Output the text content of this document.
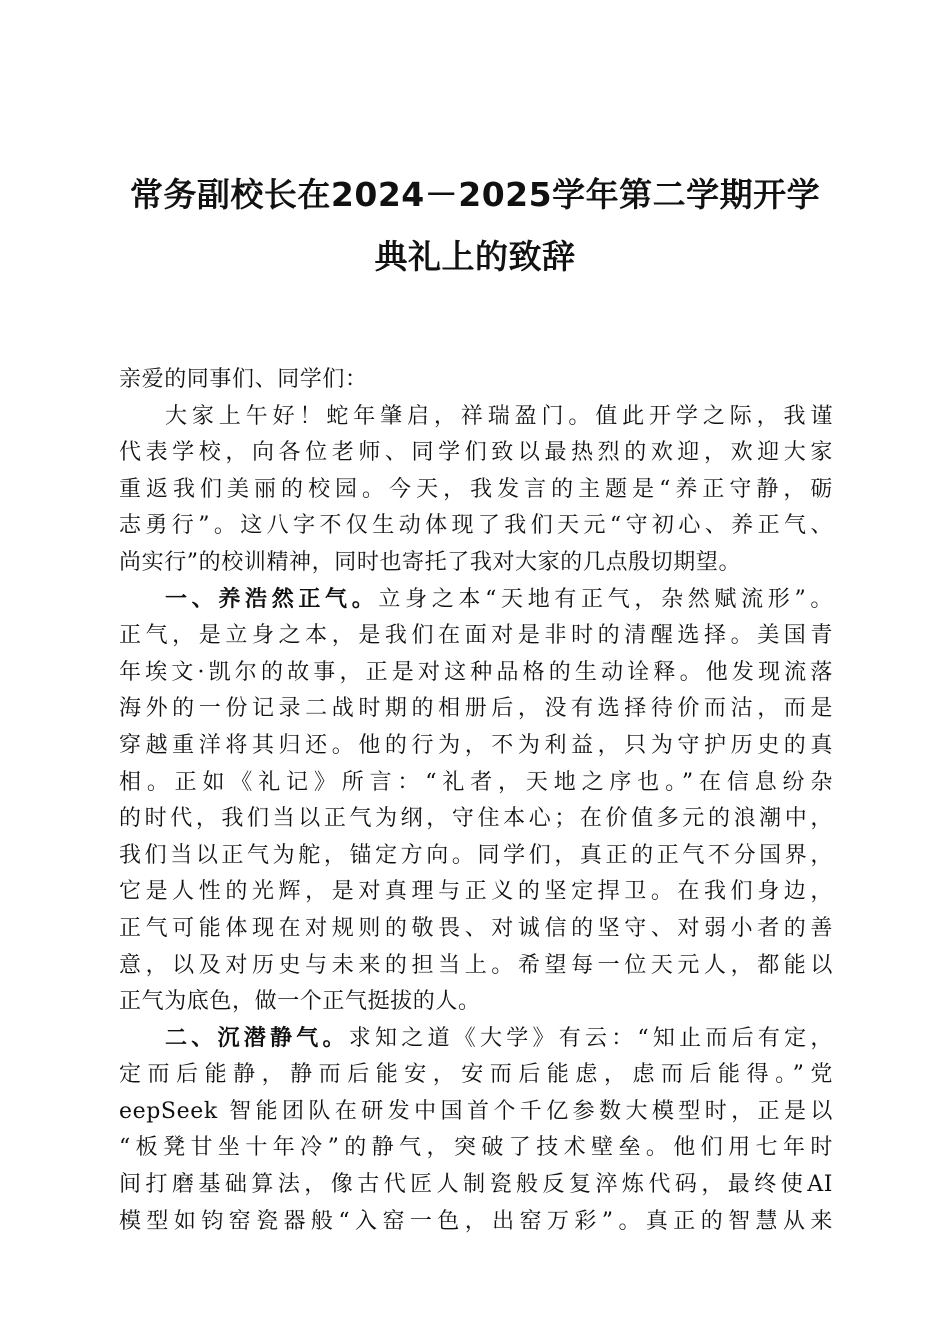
常务副校长在2024－2025学年第二学期开学
典礼上的致辞
亲爱的同事们、同学们：
大家上午好！蛇年肇启，祥瑞盈门。值此开学之际，我谨
代表学校，向各位老师、同学们致以最热烈的欢迎，欢迎大家
重返我们美丽的校园。今天，我发言的主题是“养正守静，砺
志勇行”。这八字不仅生动体现了我们天元“守初心、养正气、
尚实行”的校训精神，同时也寄托了我对大家的几点殷切期望。
一、养浩然正气。立身之本“天地有正气，杂然赋流形”。
正气，是立身之本，是我们在面对是非时的清醒选择。美国青
年埃文·凯尔的故事，正是对这种品格的生动诠释。他发现流落
海外的一份记录二战时期的相册后，没有选择待价而沽，而是
穿越重洋将其归还。他的行为，不为利益，只为守护历史的真
相。正如《礼记》所言：“礼者，天地之序也。”在信息纷杂
的时代，我们当以正气为纲，守住本心；在价值多元的浪潮中，
我们当以正气为舵，锚定方向。同学们，真正的正气不分国界，
它是人性的光辉，是对真理与正义的坚定捍卫。在我们身边，
正气可能体现在对规则的敬畏、对诚信的坚守、对弱小者的善
意，以及对历史与未来的担当上。希望每一位天元人，都能以
正气为底色，做一个正气挺拔的人。
二、沉潜静气。求知之道《大学》有云：“知止而后有定，
定而后能静，静而后能安，安而后能虑，虑而后能得。”党
eepSeek 智能团队在研发中国首个千亿参数大模型时，正是以
“板凳甘坐十年冷”的静气，突破了技术壁垒。他们用七年时
间打磨基础算法，像古代匠人制瓷般反复淬炼代码，最终使AI
模型如钧窑瓷器般“入窑一色，出窑万彩”。真正的智慧从来
